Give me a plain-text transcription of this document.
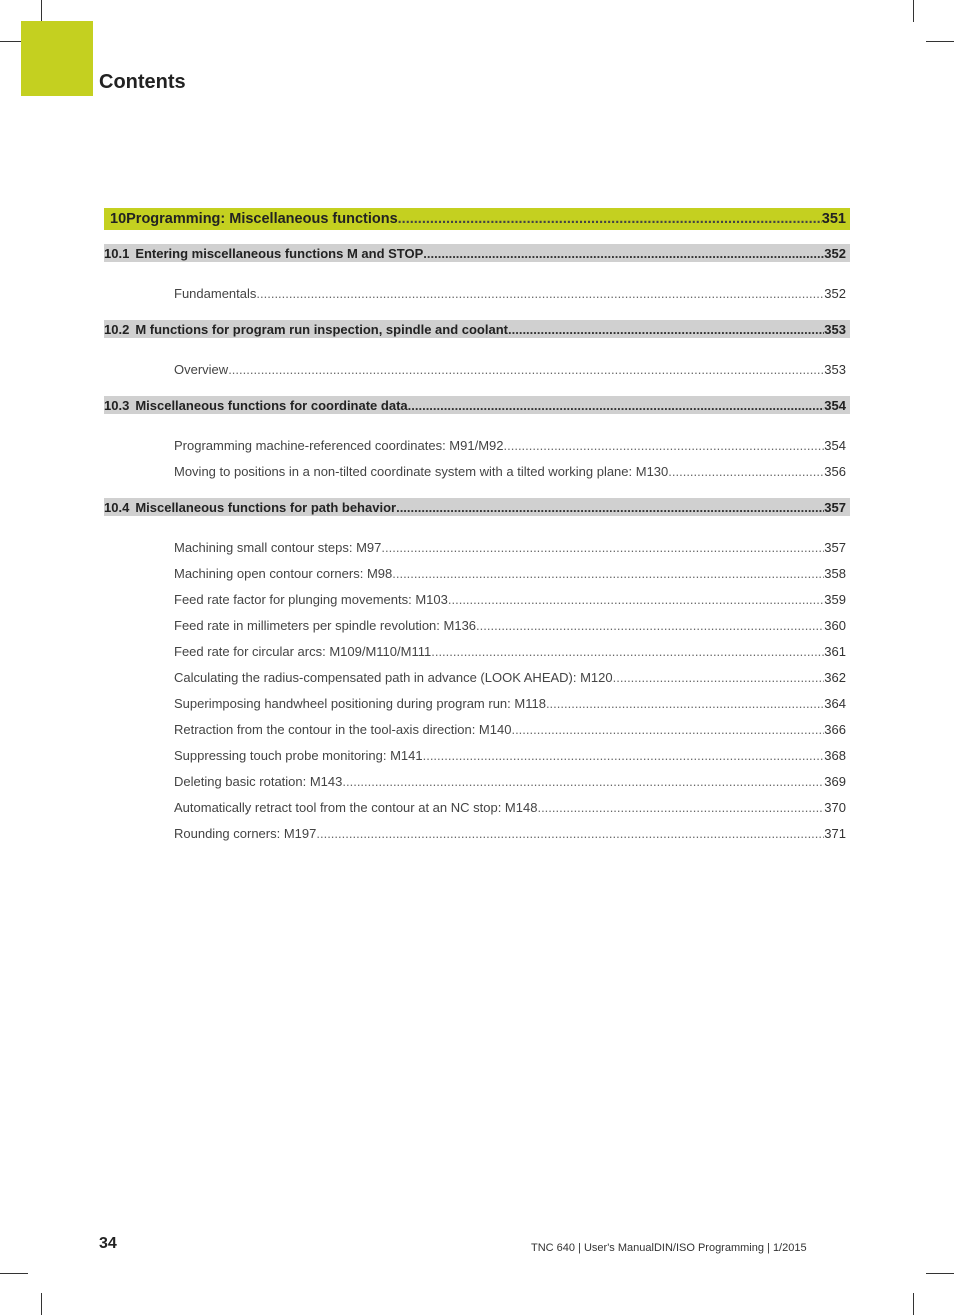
Contents
10 Programming: Miscellaneous functions .....	351
10.1 Entering miscellaneous functions M and STOP .....	352
Fundamentals .....	352
10.2 M functions for program run inspection, spindle and coolant .....	353
Overview .....	353
10.3 Miscellaneous functions for coordinate data .....	354
Programming machine-referenced coordinates: M91/M92 .....	354
Moving to positions in a non-tilted coordinate system with a tilted working plane: M130 .....	356
10.4 Miscellaneous functions for path behavior .....	357
Machining small contour steps: M97 .....	357
Machining open contour corners: M98 .....	358
Feed rate factor for plunging movements: M103 .....	359
Feed rate in millimeters per spindle revolution: M136 .....	360
Feed rate for circular arcs: M109/M110/M111 .....	361
Calculating the radius-compensated path in advance (LOOK AHEAD): M120 .....	362
Superimposing handwheel positioning during program run: M118 .....	364
Retraction from the contour in the tool-axis direction: M140 .....	366
Suppressing touch probe monitoring: M141 .....	368
Deleting basic rotation: M143 .....	369
Automatically retract tool from the contour at an NC stop: M148 .....	370
Rounding corners: M197 .....	371
34	TNC 640 | User's ManualDIN/ISO Programming | 1/2015
